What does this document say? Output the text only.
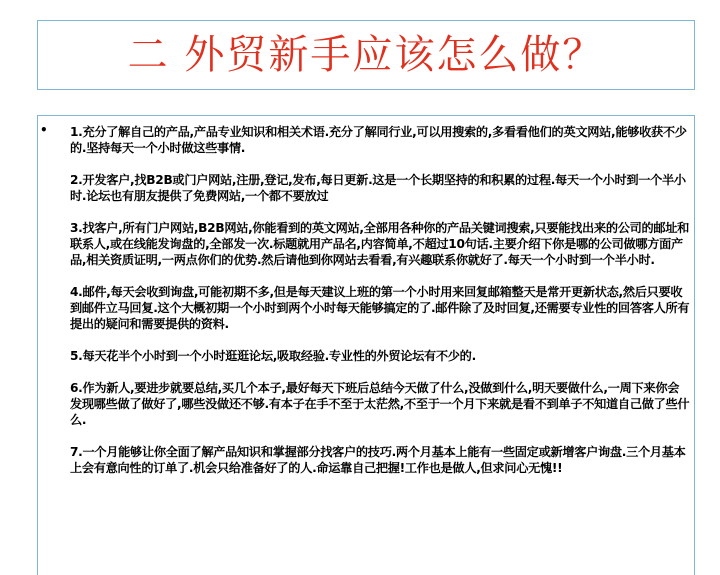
二 外贸新手应该怎么做？
• 1.充分了解自己的产品,产品专业知识和相关术语.充分了解同行业,可以用搜索的,多看看他们的英文网站,能够收获不少的.坚持每天一个小时做这些事情.

2.开发客户,找B2B或门户网站,注册,登记,发布,每日更新.这是一个长期坚持的和积累的过程.每天一个小时到一个半小时.论坛也有朋友提供了免费网站,一个都不要放过

3.找客户,所有门户网站,B2B网站,你能看到的英文网站,全部用各种你的产品关键词搜索,只要能找出来的公司的邮址和联系人,或在线能发询盘的,全部发一次.标题就用产品名,内容简单,不超过10句话.主要介绍下你是哪的公司做哪方面产品,相关资质证明,一两点你们的优势.然后请他到你网站去看看,有兴趣联系你就好了.每天一个小时到一个半小时.

4.邮件,每天会收到询盘,可能初期不多,但是每天建议上班的第一个小时用来回复邮箱整天是常开更新状态,然后只要收到邮件立马回复.这个大概初期一个小时到两个小时每天能够搞定的了.邮件除了及时回复,还需要专业性的回答客人所有提出的疑问和需要提供的资料.

5.每天花半个小时到一个小时逛逛论坛,吸取经验.专业性的外贸论坛有不少的.

6.作为新人,要进步就要总结,买几个本子,最好每天下班后总结今天做了什么,没做到什么,明天要做什么,一周下来你会发现哪些做了做好了,哪些没做还不够.有本子在手不至于太茫然,不至于一个月下来就是看不到单子不知道自己做了些什么.

7.一个月能够让你全面了解产品知识和掌握部分找客户的技巧.两个月基本上能有一些固定或新增客户询盘.三个月基本上会有意向性的订单了.机会只给准备好了的人.命运靠自己把握!工作也是做人,但求问心无愧!!
